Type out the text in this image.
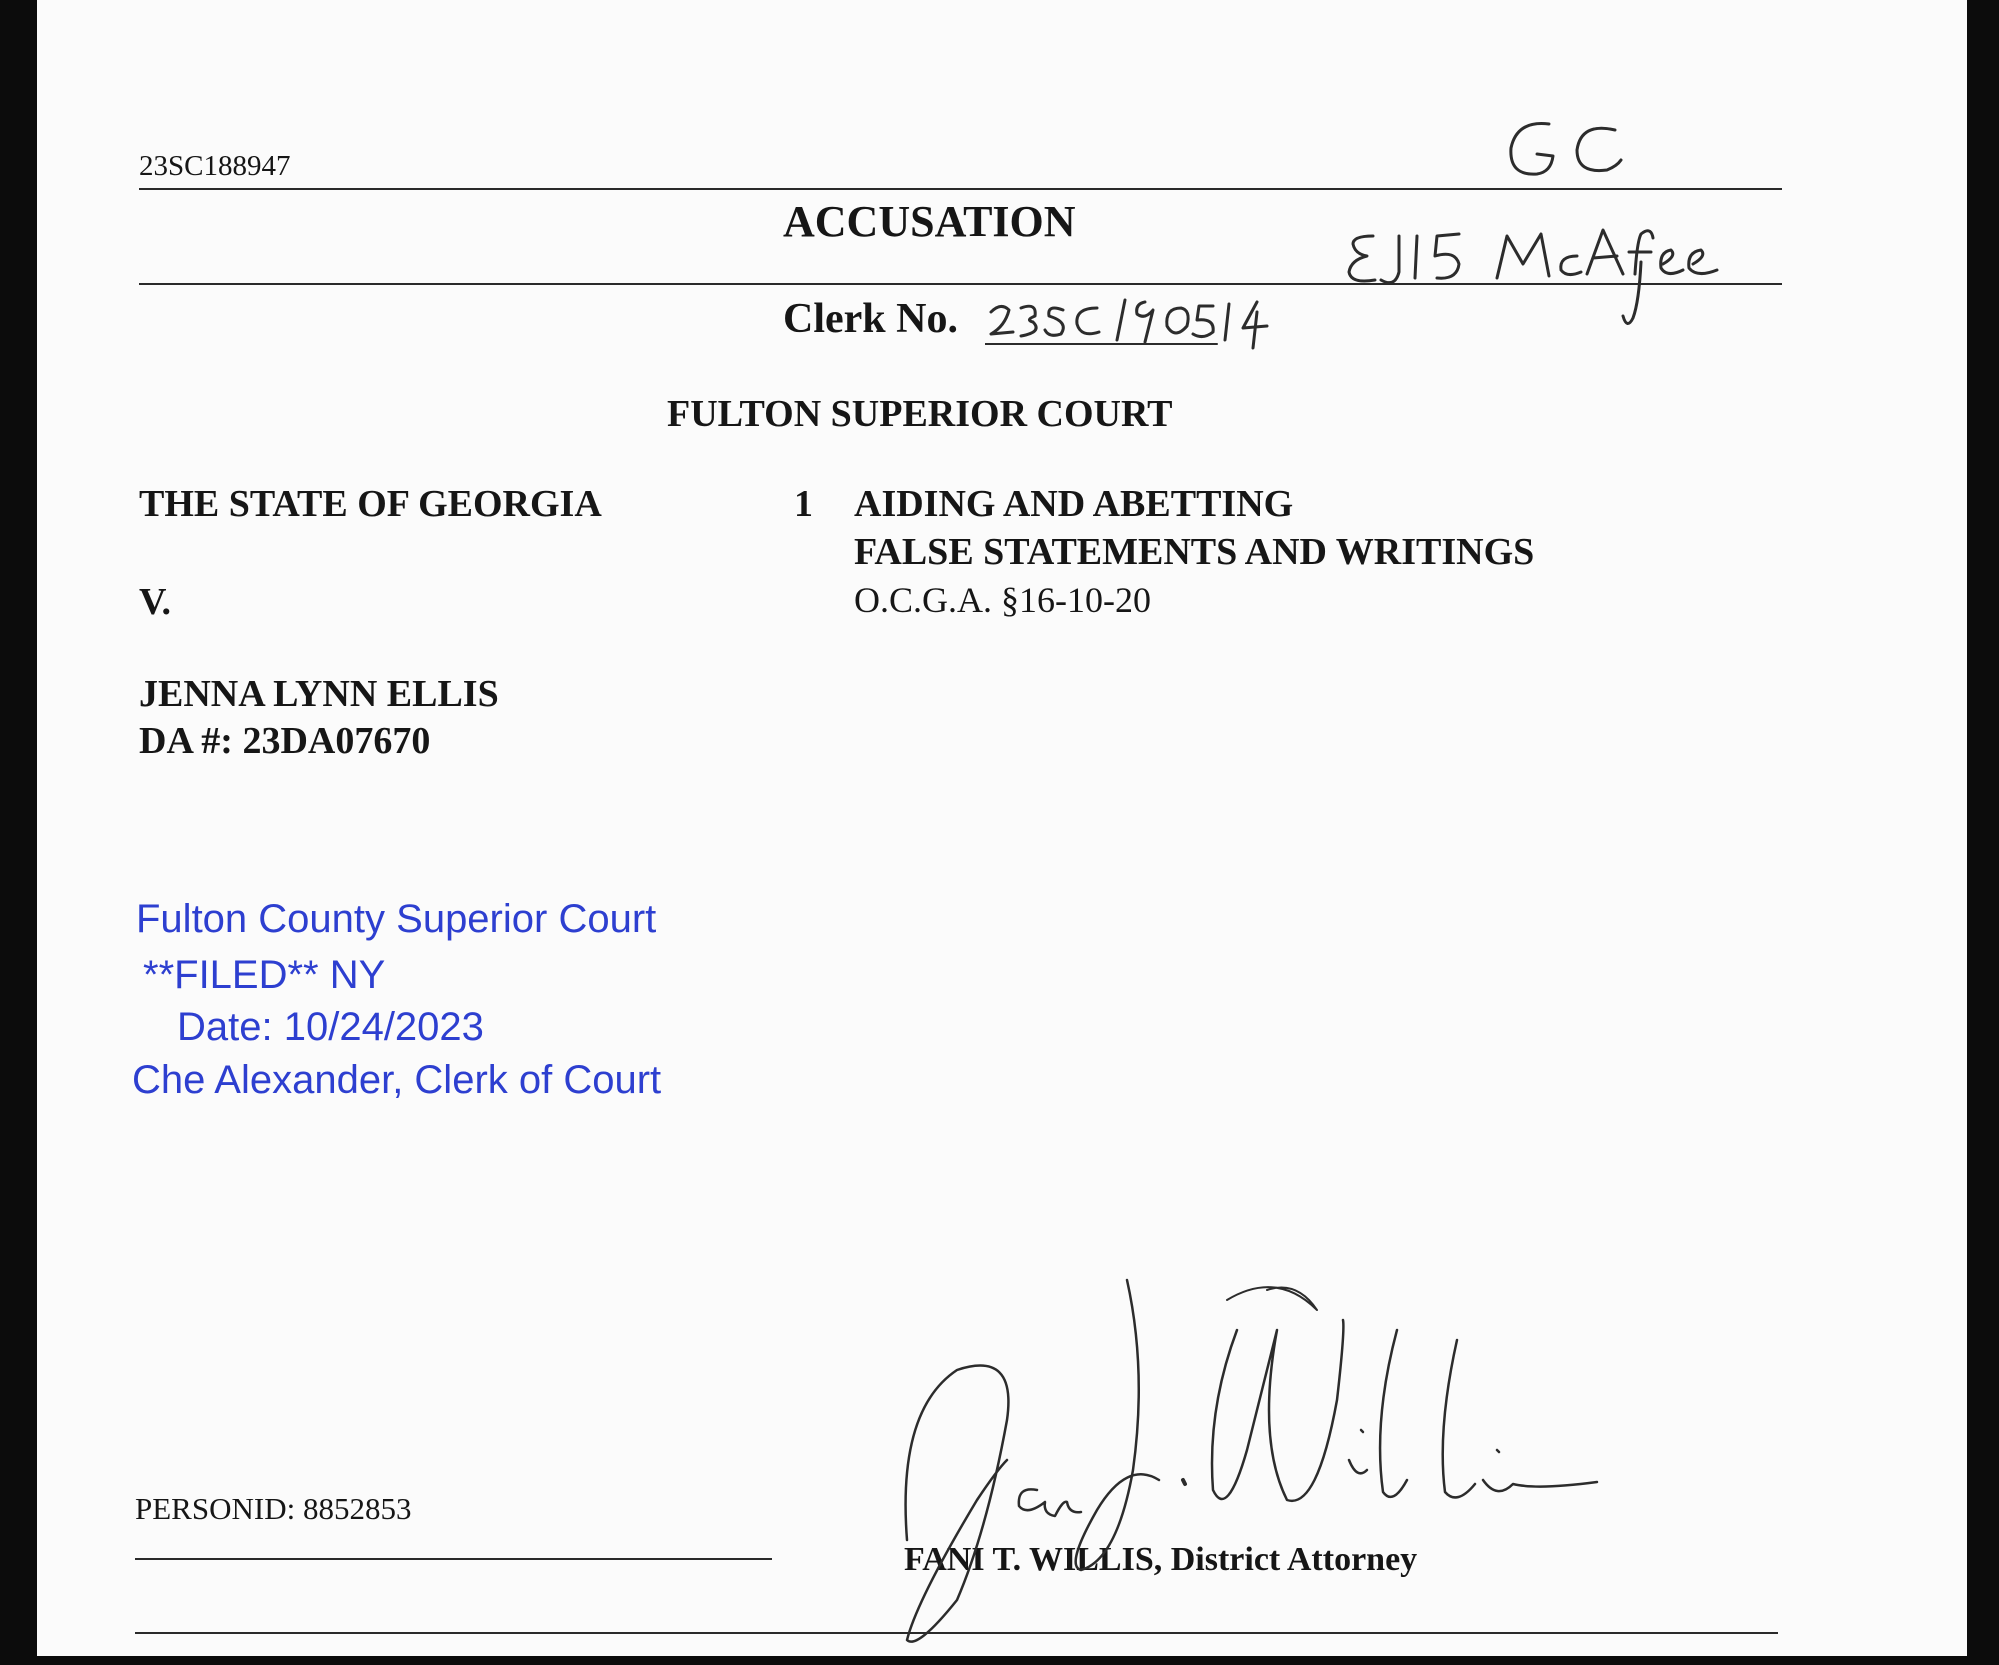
23SC188947
ACCUSATION
Clerk No.
FULTON SUPERIOR COURT
THE STATE OF GEORGIA
V.
JENNA LYNN ELLIS
DA #: 23DA07670
1 AIDING AND ABETTING
FALSE STATEMENTS AND WRITINGS
O.C.G.A. §16-10-20
Fulton County Superior Court
**FILED** NY
Date: 10/24/2023
Che Alexander, Clerk of Court
PERSONID: 8852853
FANI T. WILLIS, District Attorney
